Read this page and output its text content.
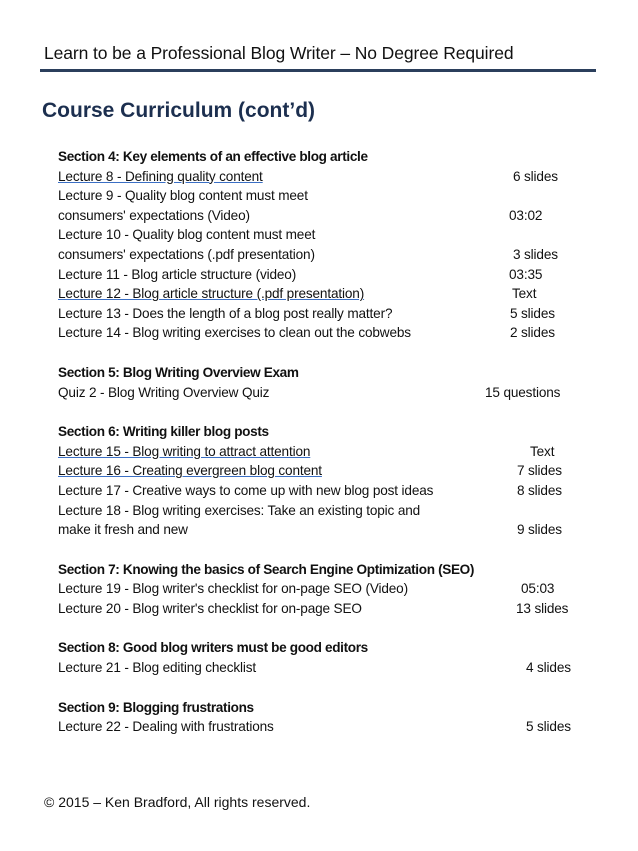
Learn to be a Professional Blog Writer – No Degree Required
Course Curriculum (cont’d)
Section 4: Key elements of an effective blog article
Lecture 8 - Defining quality content	6 slides
Lecture 9 - Quality blog content must meet
consumers' expectations (Video)	03:02
Lecture 10 - Quality blog content must meet
consumers' expectations (.pdf presentation)	3 slides
Lecture 11 - Blog article structure (video)	03:35
Lecture 12 - Blog article structure (.pdf presentation)	Text
Lecture 13 - Does the length of a blog post really matter?	5 slides
Lecture 14 - Blog writing exercises to clean out the cobwebs	2 slides
Section 5: Blog Writing Overview Exam
Quiz 2 - Blog Writing Overview Quiz	15 questions
Section 6: Writing killer blog posts
Lecture 15 - Blog writing to attract attention	Text
Lecture 16 - Creating evergreen blog content	7 slides
Lecture 17 - Creative ways to come up with new blog post ideas	8 slides
Lecture 18 - Blog writing exercises: Take an existing topic and
make it fresh and new	9 slides
Section 7: Knowing the basics of Search Engine Optimization (SEO)
Lecture 19 - Blog writer's checklist for on-page SEO (Video)	05:03
Lecture 20 - Blog writer's checklist for on-page SEO	13 slides
Section 8: Good blog writers must be good editors
Lecture 21 - Blog editing checklist	4 slides
Section 9: Blogging frustrations
Lecture 22 - Dealing with frustrations	5 slides
© 2015 – Ken Bradford, All rights reserved.
